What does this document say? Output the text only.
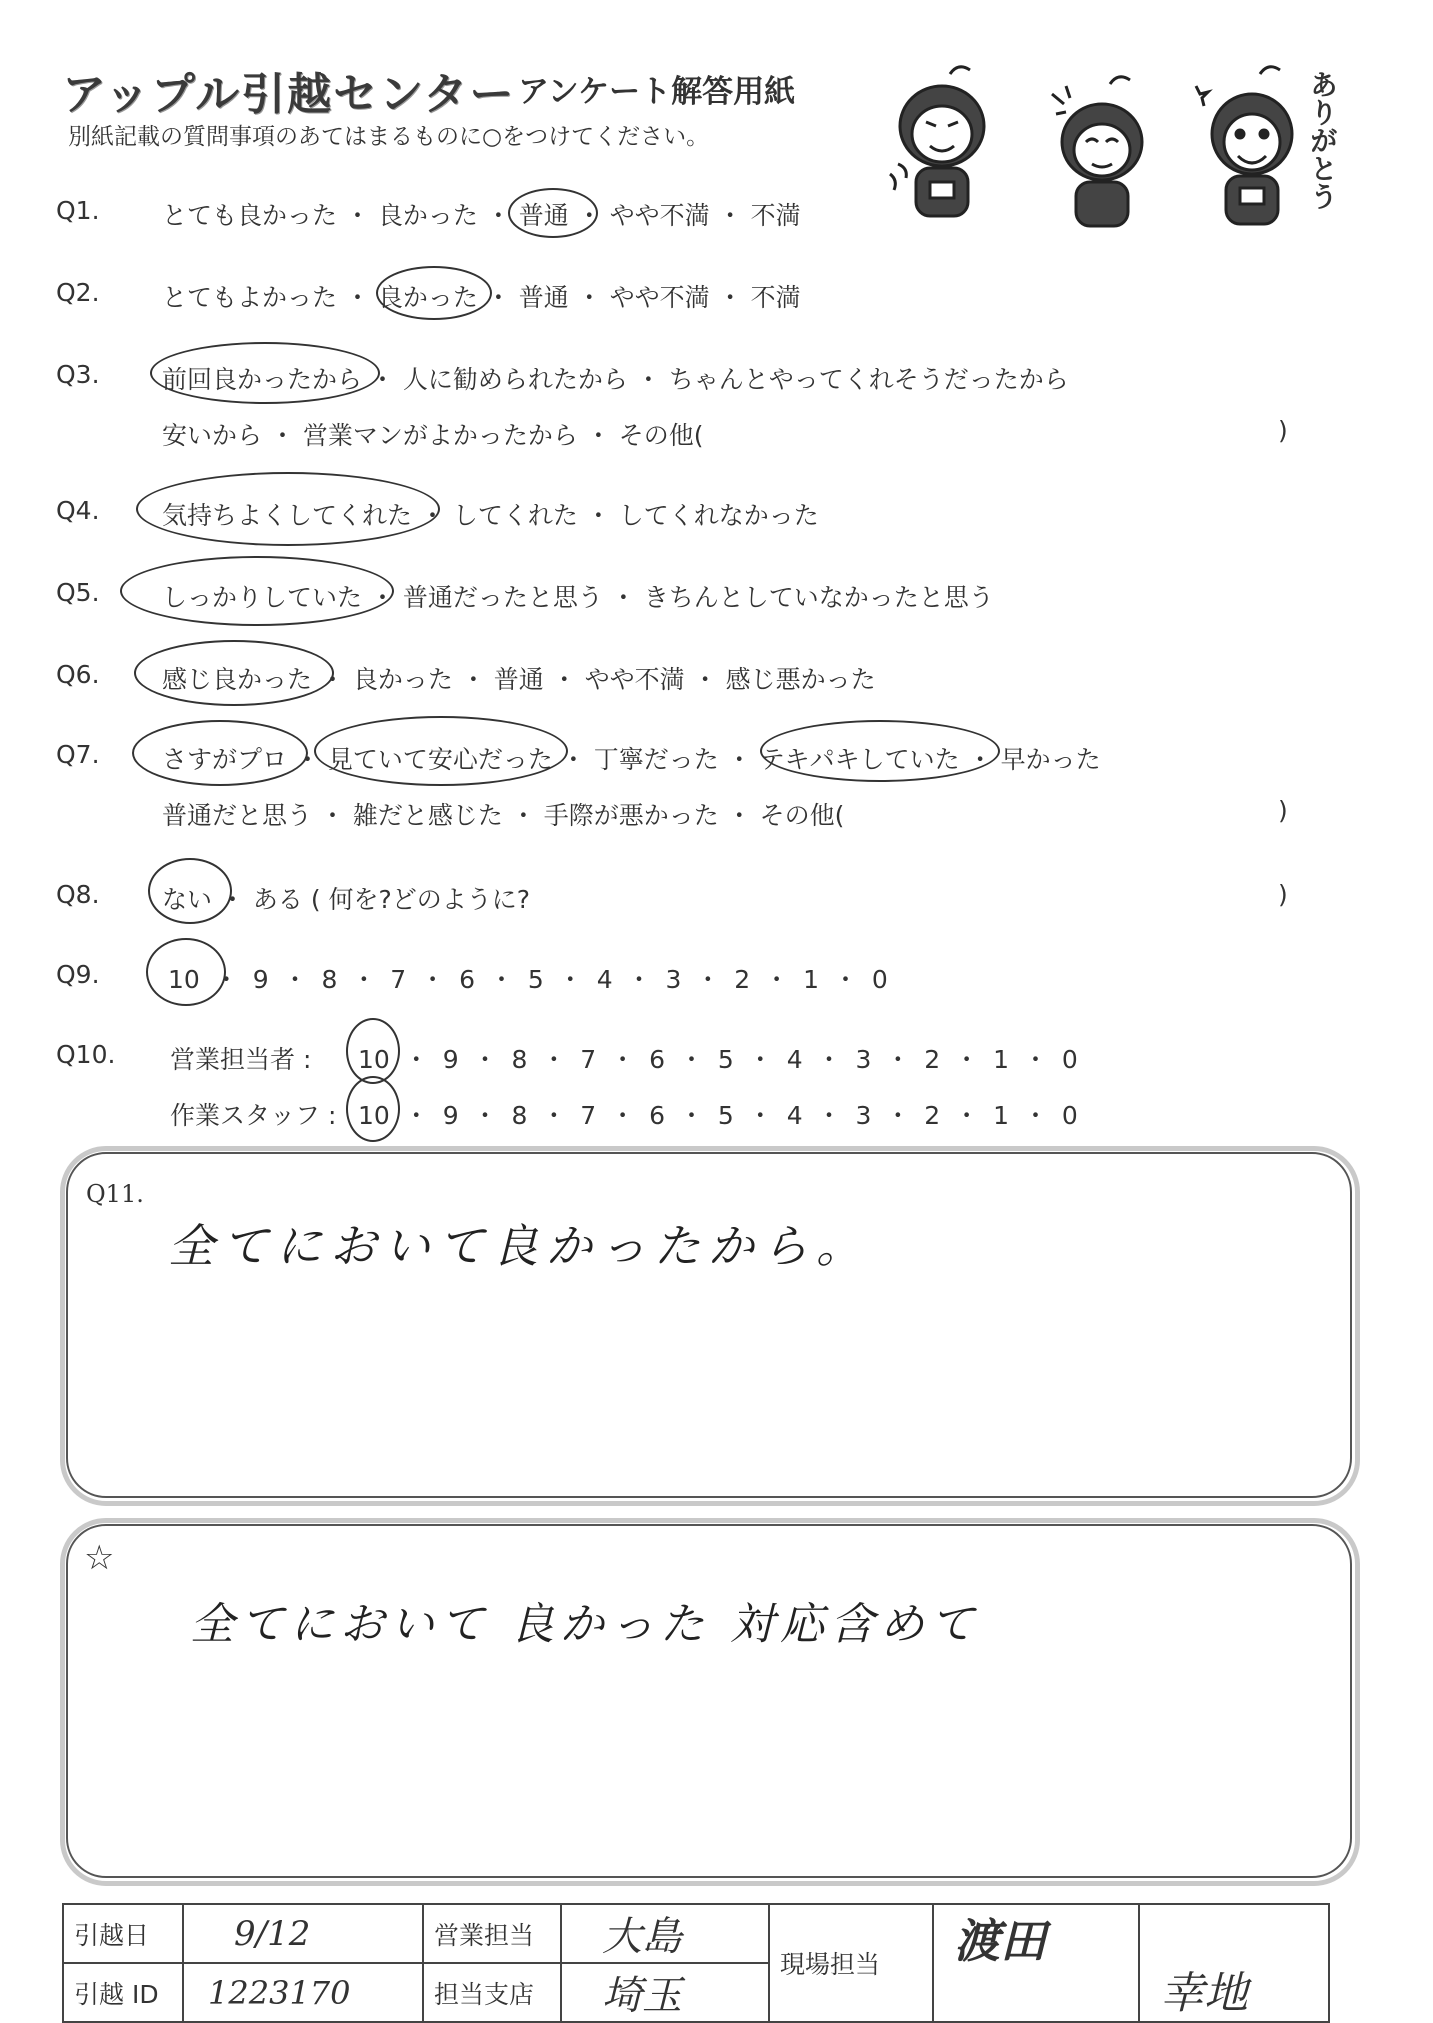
アップル引越センター アンケート解答用紙
別紙記載の質問事項のあてはまるものに○をつけてください。	ありがとう
Q1. とても良かった ・ 良かった ・ 普通 ・ やや不満 ・ 不満
Q2. とてもよかった ・ 良かった ・ 普通 ・ やや不満 ・ 不満
Q3. 前回良かったから ・ 人に勧められたから ・ ちゃんとやってくれそうだったから
安いから ・ 営業マンがよかったから ・ その他(	)
Q4. 気持ちよくしてくれた ・ してくれた ・ してくれなかった
Q5. しっかりしていた ・ 普通だったと思う ・ きちんとしていなかったと思う
Q6. 感じ良かった ・ 良かった ・ 普通 ・ やや不満 ・ 感じ悪かった
Q7. さすがプロ ・ 見ていて安心だった ・ 丁寧だった ・ テキパキしていた ・ 早かった
普通だと思う ・ 雑だと感じた ・ 手際が悪かった ・ その他(	)
Q8. ない ・ ある ( 何を?どのように?	)
Q9.	10 ・ 9 ・ 8 ・ 7 ・ 6 ・ 5 ・ 4 ・ 3 ・ 2 ・ 1 ・ 0
Q10. 営業担当者 : 10 ・ 9 ・ 8 ・ 7 ・ 6 ・ 5 ・ 4 ・ 3 ・ 2 ・ 1 ・ 0
作業スタッフ : 10 ・ 9 ・ 8 ・ 7 ・ 6 ・ 5 ・ 4 ・ 3 ・ 2 ・ 1 ・ 0
Q11.
全てにおいて良かったから。
☆
全てにおいて 良かった 対応含めて
引越日	9/12	営業担当	大島	現場担当	渡田	幸地
引越 ID	1223170	担当支店	埼玉			
